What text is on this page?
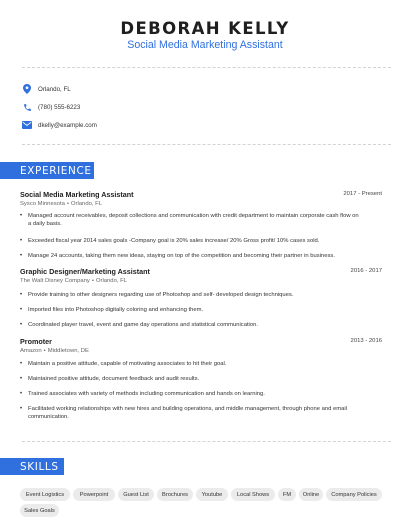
DEBORAH KELLY
Social Media Marketing Assistant
Orlando, FL
(780) 555-6223
dkelly@example.com
EXPERIENCE
Social Media Marketing Assistant	2017 - Present
Sysco Minnesota • Orlando, FL
• Managed account receivables, deposit collections and communication with credit department to maintain corporate cash flow on a daily basis.
• Exceeded fiscal year 2014 sales goals -Company goal is 20% sales increase/ 20% Gross profit/ 10% cases sold.
• Manage 24 accounts, taking them new ideas, staying on top of the competition and becoming their partner in business.
Graphic Designer/Marketing Assistant	2016 - 2017
The Walt Disney Company • Orlando, FL
• Provide training to other designers regarding use of Photoshop and self- developed design techniques.
• Imported files into Photoshop digitally coloring and enhancing them.
• Coordinated player travel, event and game day operations and statistical communication.
Promoter	2013 - 2016
Amazon • Middletown, DE
• Maintain a positive attitude, capable of motivating associates to hit their goal.
• Maintained positive attitude, document feedback and audit results.
• Trained associates with variety of methods including communication and hands on learning.
• Facilitated working relationships with new hires and building operations, and middle management, through phone and email communication.
SKILLS
Event Logistics	Powerpoint	Guest List	Brochures	Youtube	Local Shows	FM	Online	Company Policies
Sales Goals
